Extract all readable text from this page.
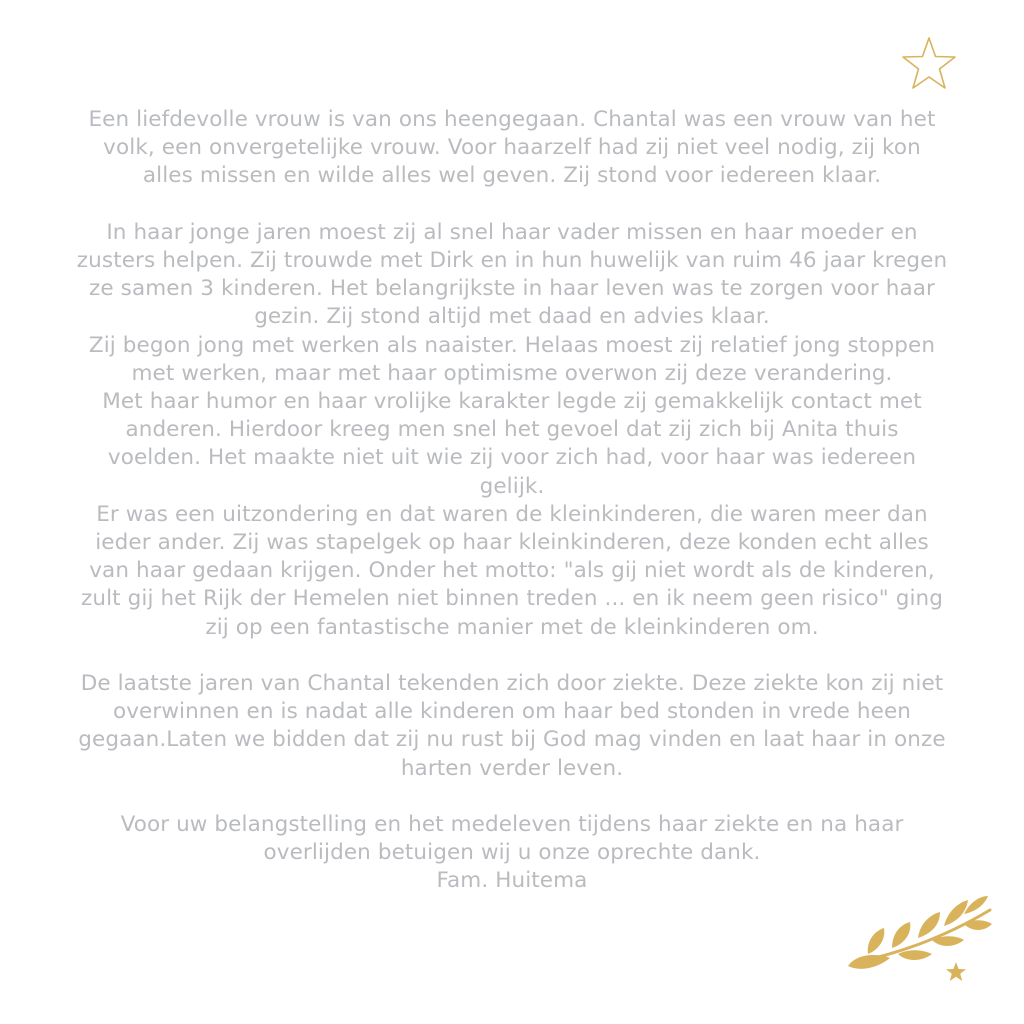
Een liefdevolle vrouw is van ons heengegaan. Chantal was een vrouw van het
volk, een onvergetelijke vrouw. Voor haarzelf had zij niet veel nodig, zij kon
alles missen en wilde alles wel geven. Zij stond voor iedereen klaar.

In haar jonge jaren moest zij al snel haar vader missen en haar moeder en
zusters helpen. Zij trouwde met Dirk en in hun huwelijk van ruim 46 jaar kregen
ze samen 3 kinderen. Het belangrijkste in haar leven was te zorgen voor haar
gezin. Zij stond altijd met daad en advies klaar.

Zij begon jong met werken als naaister. Helaas moest zij relatief jong stoppen
met werken, maar met haar optimisme overwon zij deze verandering.

Met haar humor en haar vrolijke karakter legde zij gemakkelijk contact met
anderen. Hierdoor kreeg men snel het gevoel dat zij zich bij Anita thuis
voelden. Het maakte niet uit wie zij voor zich had, voor haar was iedereen
gelijk.

Er was een uitzondering en dat waren de kleinkinderen, die waren meer dan
ieder ander. Zij was stapelgek op haar kleinkinderen, deze konden echt alles
van haar gedaan krijgen. Onder het motto: "als gij niet wordt als de kinderen,
zult gij het Rijk der Hemelen niet binnen treden ... en ik neem geen risico" ging
zij op een fantastische manier met de kleinkinderen om.

De laatste jaren van Chantal tekenden zich door ziekte. Deze ziekte kon zij niet
overwinnen en is nadat alle kinderen om haar bed stonden in vrede heen
gegaan.Laten we bidden dat zij nu rust bij God mag vinden en laat haar in onze
harten verder leven.

Voor uw belangstelling en het medeleven tijdens haar ziekte en na haar
overlijden betuigen wij u onze oprechte dank.

Fam. Huitema
